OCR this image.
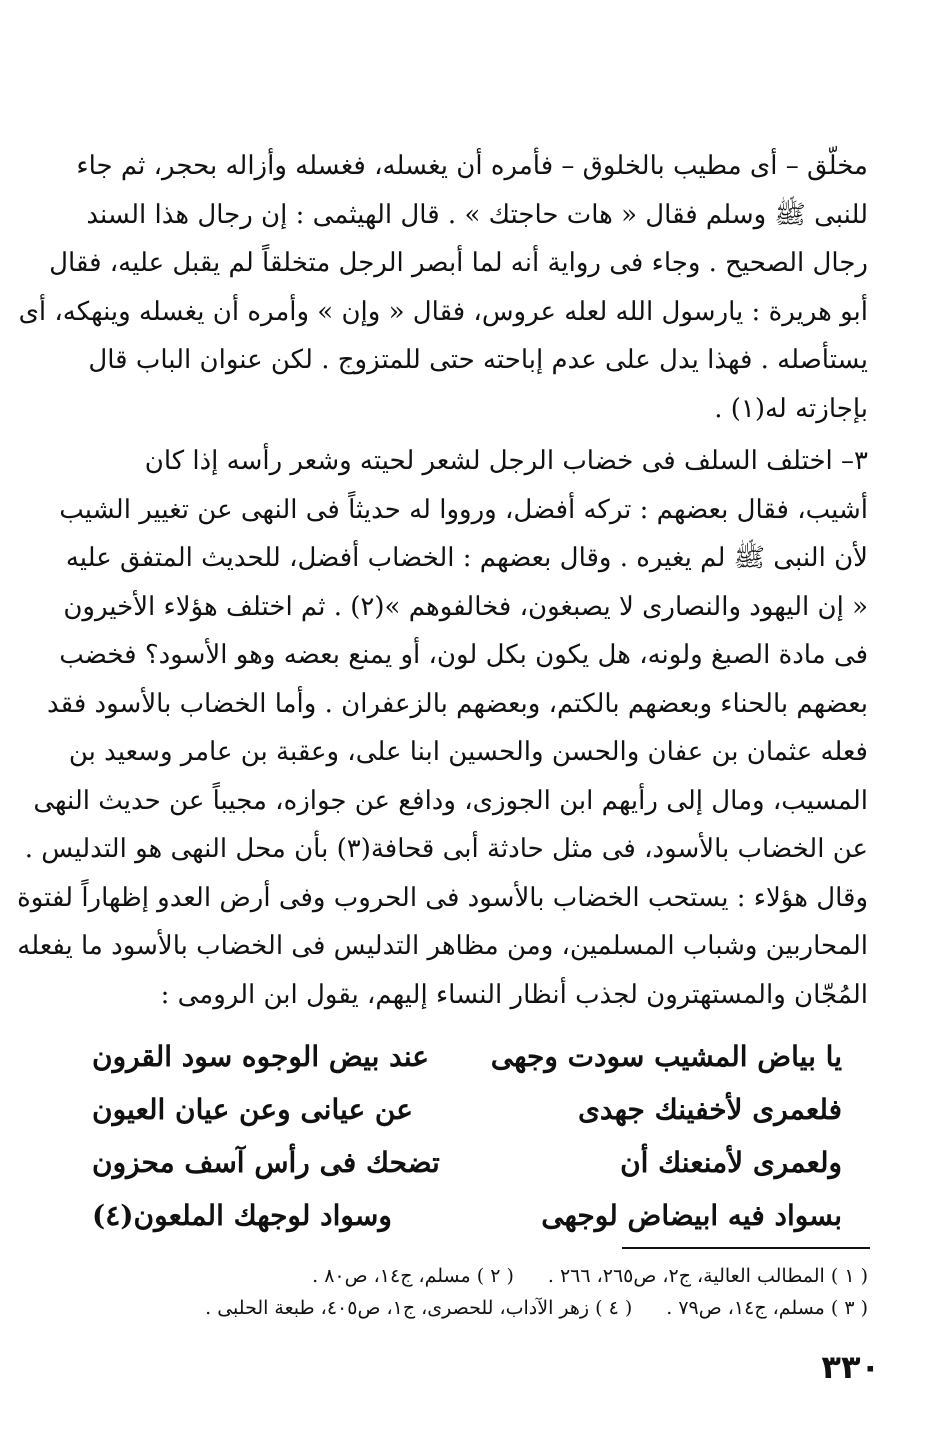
مخلّق – أى مطيب بالخلوق – فأمره أن يغسله، فغسله وأزاله بحجر، ثم جاء
للنبى ﷺ وسلم فقال « هات حاجتك » . قال الهيثمى : إن رجال هذا السند
رجال الصحيح . وجاء فى رواية أنه لما أبصر الرجل متخلقاً لم يقبل عليه، فقال
أبو هريرة : يارسول الله لعله عروس، فقال « وإن » وأمره أن يغسله وينهكه، أى
يستأصله . فهذا يدل على عدم إباحته حتى للمتزوج . لكن عنوان الباب قال
بإجازته له(١) .

٣– اختلف السلف فى خضاب الرجل لشعر لحيته وشعر رأسه إذا كان
أشيب، فقال بعضهم : تركه أفضل، ورووا له حديثاً فى النهى عن تغيير الشيب
لأن النبى ﷺ لم يغيره . وقال بعضهم : الخضاب أفضل، للحديث المتفق عليه
« إن اليهود والنصارى لا يصبغون، فخالفوهم »(٢) . ثم اختلف هؤلاء الأخيرون
فى مادة الصبغ ولونه، هل يكون بكل لون، أو يمنع بعضه وهو الأسود؟ فخضب
بعضهم بالحناء وبعضهم بالكتم، وبعضهم بالزعفران . وأما الخضاب بالأسود فقد
فعله عثمان بن عفان والحسن والحسين ابنا على، وعقبة بن عامر وسعيد بن
المسيب، ومال إلى رأيهم ابن الجوزى، ودافع عن جوازه، مجيباً عن حديث النهى
عن الخضاب بالأسود، فى مثل حادثة أبى قحافة(٣) بأن محل النهى هو التدليس .
وقال هؤلاء : يستحب الخضاب بالأسود فى الحروب وفى أرض العدو إظهاراً لفتوة
المحاربين وشباب المسلمين، ومن مظاهر التدليس فى الخضاب بالأسود ما يفعله
المُجّان والمستهترون لجذب أنظار النساء إليهم، يقول ابن الرومى :

يا بياض المشيب سودت وجهى
عند بيض الوجوه سود القرون
فلعمرى لأخفينك جهدى
عن عيانى وعن عيان العيون
ولعمرى لأمنعنك أن
تضحك فى رأس آسف محزون
بسواد فيه ابيضاض لوجهى
وسواد لوجهك الملعون(٤)
( ١ ) المطالب العالية، ج٢، ص٢٦٥، ٢٦٦ .( ٢ ) مسلم، ج١٤، ص٨٠ .
( ٣ ) مسلم، ج١٤، ص٧٩ .( ٤ ) زهر الآداب، للحصرى، ج١، ص٤٠٥، طبعة الحلبى .
٣٣٠
